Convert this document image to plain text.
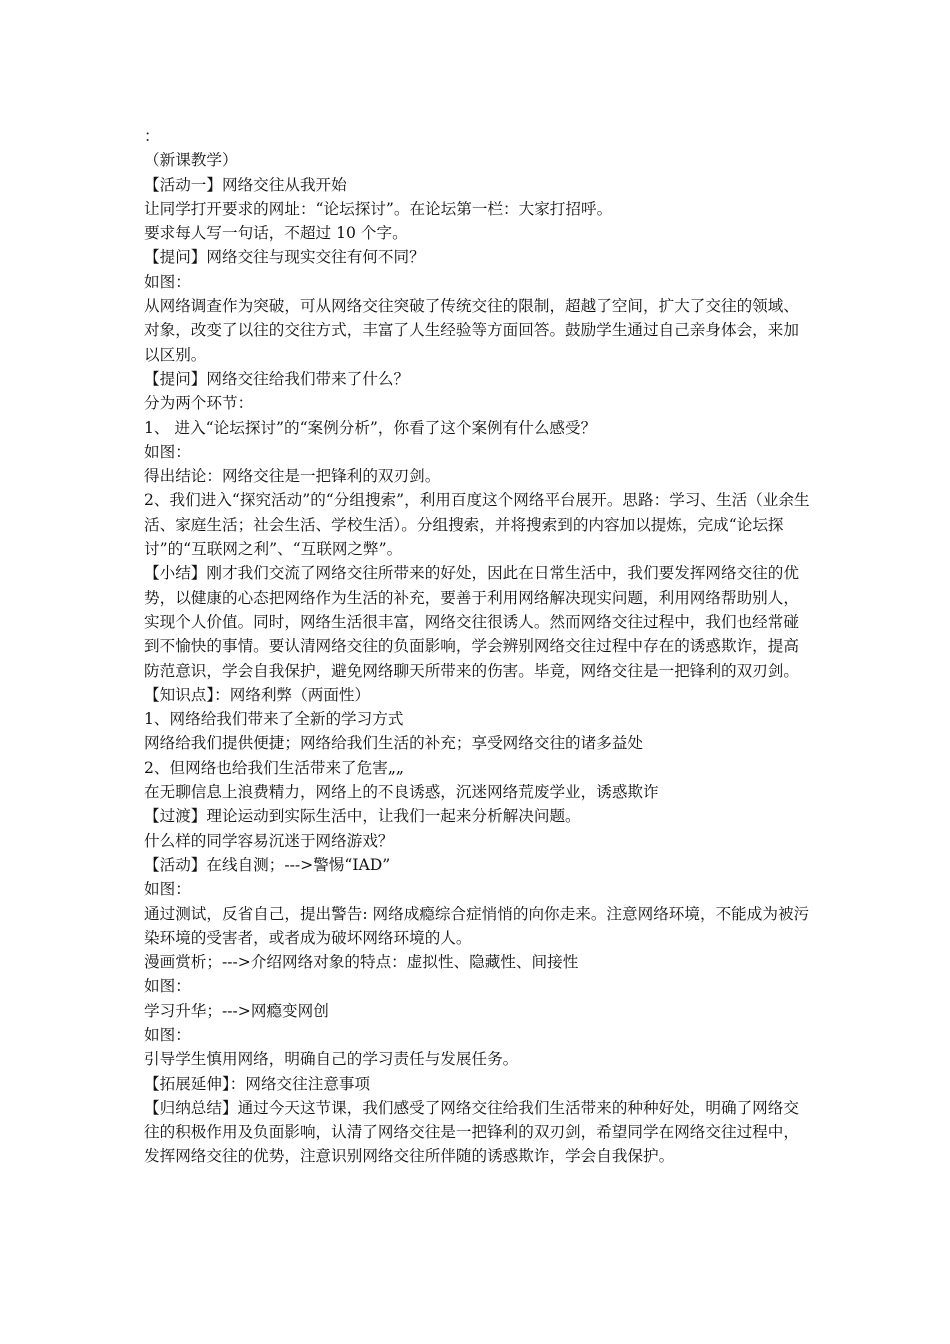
：

（新课教学）

【活动一】网络交往从我开始

让同学打开要求的网址：“论坛探讨”。在论坛第一栏：大家打招呼。

要求每人写一句话，不超过 10 个字。

【提问】网络交往与现实交往有何不同？

如图：

从网络调查作为突破，可从网络交往突破了传统交往的限制，超越了空间，扩大了交往的领域、对象，改变了以往的交往方式，丰富了人生经验等方面回答。鼓励学生通过自己亲身体会，来加以区别。

【提问】网络交往给我们带来了什么？

分为两个环节：

1、 进入“论坛探讨”的“案例分析”，你看了这个案例有什么感受？

如图：

得出结论：网络交往是一把锋利的双刃剑。

2、我们进入“探究活动”的“分组搜索”，利用百度这个网络平台展开。思路：学习、生活（业余生活、家庭生活；社会生活、学校生活）。分组搜索，并将搜索到的内容加以提炼，完成“论坛探讨”的“互联网之利”、“互联网之弊”。

【小结】刚才我们交流了网络交往所带来的好处，因此在日常生活中，我们要发挥网络交往的优势，以健康的心态把网络作为生活的补充，要善于利用网络解决现实问题，利用网络帮助别人，实现个人价值。同时，网络生活很丰富，网络交往很诱人。然而网络交往过程中，我们也经常碰到不愉快的事情。要认清网络交往的负面影响，学会辨别网络交往过程中存在的诱惑欺诈，提高防范意识，学会自我保护，避免网络聊天所带来的伤害。毕竟，网络交往是一把锋利的双刃剑。

【知识点】：网络利弊（两面性）

1、网络给我们带来了全新的学习方式

网络给我们提供便捷；网络给我们生活的补充；享受网络交往的诸多益处

2、但网络也给我们生活带来了危害„„

在无聊信息上浪费精力，网络上的不良诱惑，沉迷网络荒废学业，诱惑欺诈

【过渡】理论运动到实际生活中，让我们一起来分析解决问题。

什么样的同学容易沉迷于网络游戏？

【活动】在线自测；--->警惕“IAD”

如图：

通过测试，反省自己，提出警告: 网络成瘾综合症悄悄的向你走来。注意网络环境，不能成为被污染环境的受害者，或者成为破坏网络环境的人。

漫画赏析；--->介绍网络对象的特点：虚拟性、隐藏性、间接性

如图：

学习升华；--->网瘾变网创

如图：

引导学生慎用网络，明确自己的学习责任与发展任务。

【拓展延伸】：网络交往注意事项

【归纳总结】通过今天这节课，我们感受了网络交往给我们生活带来的种种好处，明确了网络交往的积极作用及负面影响，认清了网络交往是一把锋利的双刃剑，希望同学在网络交往过程中，发挥网络交往的优势，注意识别网络交往所伴随的诱惑欺诈，学会自我保护。
